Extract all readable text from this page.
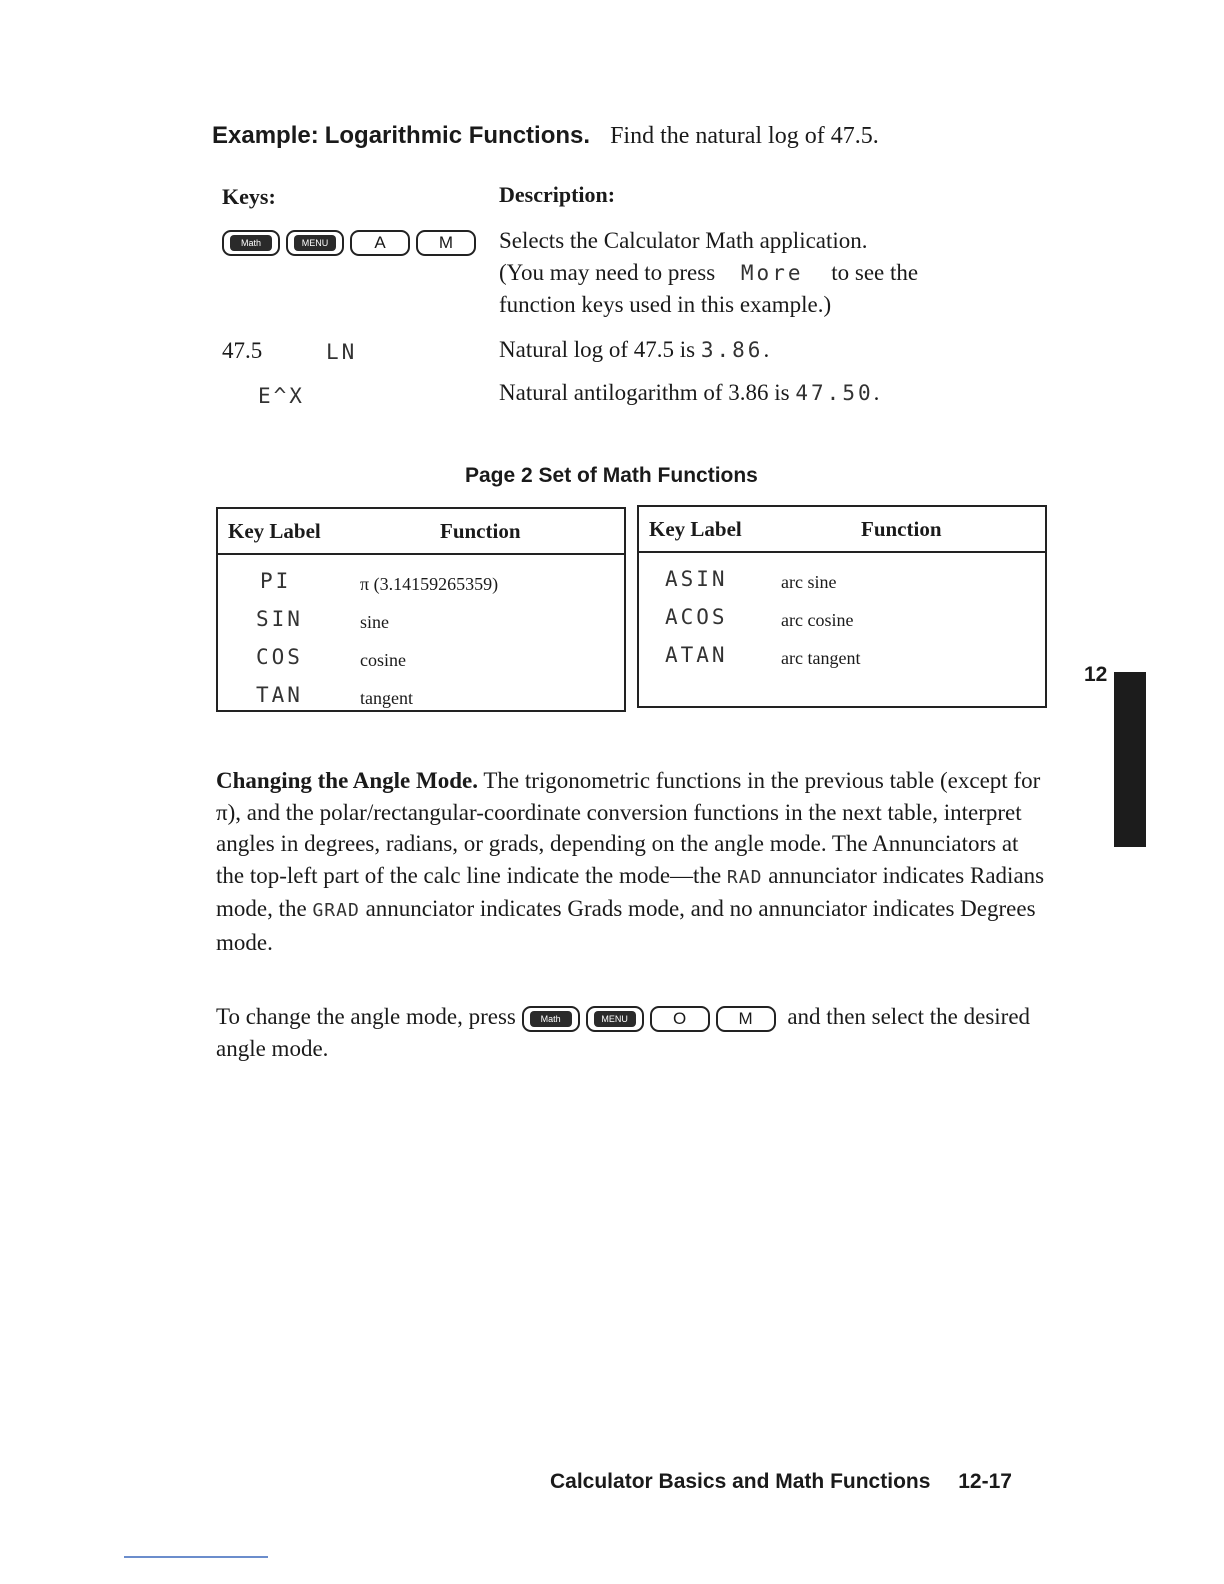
Example: Logarithmic Functions. Find the natural log of 47.5.
Keys:	Description:
Math	MENU	A	M	Selects the Calculator Math application.
(You may need to press More to see the
function keys used in this example.)
47.5	LN	Natural log of 47.5 is 3.86.
E^X	Natural antilogarithm of 3.86 is 47.50.
Page 2 Set of Math Functions
Key Label	Function
PI	π (3.14159265359)
SIN	sine
COS	cosine
TAN	tangent
Key Label	Function
ASIN	arc sine
ACOS	arc cosine
ATAN	arc tangent
12
Changing the Angle Mode. The trigonometric functions in the previous table (except for π), and the polar/rectangular-coordinate conversion functions in the next table, interpret angles in degrees, radians, or grads, depending on the angle mode. The Annunciators at the top-left part of the calc line indicate the mode—the RAD annunciator indicates Radians mode, the GRAD annunciator indicates Grads mode, and no annunciator indicates Degrees mode.
To change the angle mode, press	Math	MENU	O	M and then select the desired angle mode.
Calculator Basics and Math Functions 12-17
